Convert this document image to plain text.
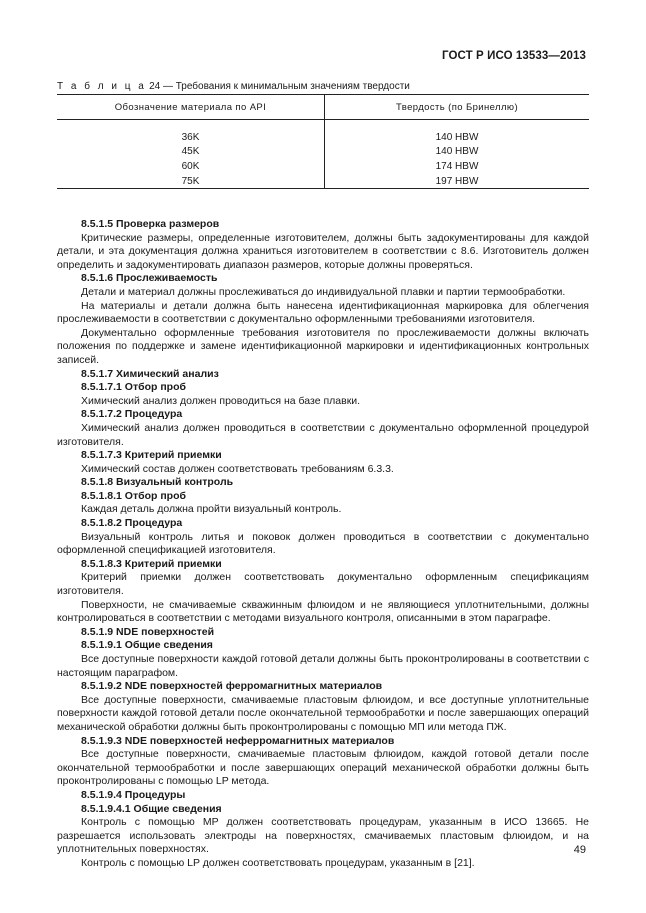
ГОСТ Р ИСО 13533—2013
Т а б л и ц а 24 — Требования к минимальным значениям твердости
Обозначение материала по API	Твердость (по Бринеллю)

36K	140 HBW
45K	140 HBW
60K	174 HBW
75K	197 HBW

8.5.1.5 Проверка размеров

Критические размеры, определенные изготовителем, должны быть задокументированы для каждой детали, и эта документация должна храниться изготовителем в соответствии с 8.6. Изготовитель должен определить и задокументировать диапазон размеров, которые должны проверяться.

8.5.1.6 Прослеживаемость

Детали и материал должны прослеживаться до индивидуальной плавки и партии термообработки.

На материалы и детали должна быть нанесена идентификационная маркировка для облегчения прослеживаемости в соответствии с документально оформленными требованиями изготовителя.

Документально оформленные требования изготовителя по прослеживаемости должны включать положения по поддержке и замене идентификационной маркировки и идентификационных контрольных записей.

8.5.1.7 Химический анализ

8.5.1.7.1 Отбор проб

Химический анализ должен проводиться на базе плавки.

8.5.1.7.2 Процедура

Химический анализ должен проводиться в соответствии с документально оформленной процедурой изготовителя.

8.5.1.7.3 Критерий приемки

Химический состав должен соответствовать требованиям 6.3.3.

8.5.1.8 Визуальный контроль

8.5.1.8.1 Отбор проб

Каждая деталь должна пройти визуальный контроль.

8.5.1.8.2 Процедура

Визуальный контроль литья и поковок должен проводиться в соответствии с документально оформленной спецификацией изготовителя.

8.5.1.8.3 Критерий приемки

Критерий приемки должен соответствовать документально оформленным спецификациям изготовителя.

Поверхности, не смачиваемые скважинным флюидом и не являющиеся уплотнительными, должны контролироваться в соответствии с методами визуального контроля, описанными в этом параграфе.

8.5.1.9 NDE поверхностей

8.5.1.9.1 Общие сведения

Все доступные поверхности каждой готовой детали должны быть проконтролированы в соответствии с настоящим параграфом.

8.5.1.9.2 NDE поверхностей ферромагнитных материалов

Все доступные поверхности, смачиваемые пластовым флюидом, и все доступные уплотнительные поверхности каждой готовой детали после окончательной термообработки и после завершающих операций механической обработки должны быть проконтролированы с помощью МП или метода ПЖ.

8.5.1.9.3 NDE поверхностей неферромагнитных материалов

Все доступные поверхности, смачиваемые пластовым флюидом, каждой готовой детали после окончательной термообработки и после завершающих операций механической обработки должны быть проконтролированы с помощью LP метода.

8.5.1.9.4 Процедуры

8.5.1.9.4.1 Общие сведения

Контроль с помощью MP должен соответствовать процедурам, указанным в ИСО 13665. Не разрешается использовать электроды на поверхностях, смачиваемых пластовым флюидом, и на уплотнительных поверхностях.

Контроль с помощью LP должен соответствовать процедурам, указанным в [21].

49
